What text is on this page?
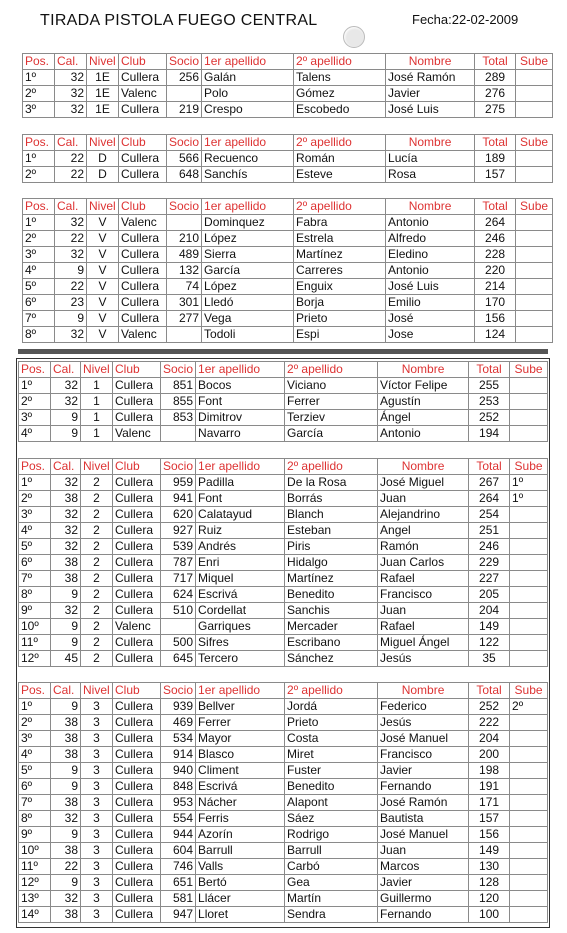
TIRADA PISTOLA FUEGO CENTRAL	Fecha:22-02-2009
Pos.	Cal.	Nivel	Club	Socio	1er apellido	2º apellido	Nombre	Total	Sube
1º	32	1E	Cullera	256	Galán	Talens	José Ramón	289	
2º	32	1E	Valenc		Polo	Gómez	Javier	276	
3º	32	1E	Cullera	219	Crespo	Escobedo	José Luis	275	
Pos.	Cal.	Nivel	Club	Socio	1er apellido	2º apellido	Nombre	Total	Sube
1º	22	D	Cullera	566	Recuenco	Román	Lucía	189	
2º	22	D	Cullera	648	Sanchís	Esteve	Rosa	157	
Pos.	Cal.	Nivel	Club	Socio	1er apellido	2º apellido	Nombre	Total	Sube
1º	32	V	Valenc		Dominquez	Fabra	Antonio	264	
2º	22	V	Cullera	210	López	Estrela	Alfredo	246	
3º	32	V	Cullera	489	Sierra	Martínez	Eledino	228	
4º	9	V	Cullera	132	García	Carreres	Antonio	220	
5º	22	V	Cullera	74	López	Enguix	José Luis	214	
6º	23	V	Cullera	301	Lledó	Borja	Emilio	170	
7º	9	V	Cullera	277	Vega	Prieto	José	156	
8º	32	V	Valenc		Todoli	Espi	Jose	124	
Pos.	Cal.	Nivel	Club	Socio	1er apellido	2º apellido	Nombre	Total	Sube
1º	32	1	Cullera	851	Bocos	Viciano	Víctor Felipe	255	
2º	32	1	Cullera	855	Font	Ferrer	Agustín	253	
3º	9	1	Cullera	853	Dimitrov	Terziev	Ángel	252	
4º	9	1	Valenc		Navarro	García	Antonio	194	
Pos.	Cal.	Nivel	Club	Socio	1er apellido	2º apellido	Nombre	Total	Sube
1º	32	2	Cullera	959	Padilla	De la Rosa	José Miguel	267	1º
2º	38	2	Cullera	941	Font	Borrás	Juan	264	1º
3º	32	2	Cullera	620	Calatayud	Blanch	Alejandrino	254	
4º	32	2	Cullera	927	Ruiz	Esteban	Angel	251	
5º	32	2	Cullera	539	Andrés	Piris	Ramón	246	
6º	38	2	Cullera	787	Enri	Hidalgo	Juan Carlos	229	
7º	38	2	Cullera	717	Miquel	Martínez	Rafael	227	
8º	9	2	Cullera	624	Escrivá	Benedito	Francisco	205	
9º	32	2	Cullera	510	Cordellat	Sanchis	Juan	204	
10º	9	2	Valenc		Garriques	Mercader	Rafael	149	
11º	9	2	Cullera	500	Sifres	Escribano	Miguel Ángel	122	
12º	45	2	Cullera	645	Tercero	Sánchez	Jesús	35	
Pos.	Cal.	Nivel	Club	Socio	1er apellido	2º apellido	Nombre	Total	Sube
1º	9	3	Cullera	939	Bellver	Jordá	Federico	252	2º
2º	38	3	Cullera	469	Ferrer	Prieto	Jesús	222	
3º	38	3	Cullera	534	Mayor	Costa	José Manuel	204	
4º	38	3	Cullera	914	Blasco	Miret	Francisco	200	
5º	9	3	Cullera	940	Climent	Fuster	Javier	198	
6º	9	3	Cullera	848	Escrivá	Benedito	Fernando	191	
7º	38	3	Cullera	953	Nácher	Alapont	José Ramón	171	
8º	32	3	Cullera	554	Ferris	Sáez	Bautista	157	
9º	9	3	Cullera	944	Azorín	Rodrigo	José Manuel	156	
10º	38	3	Cullera	604	Barrull	Barrull	Juan	149	
11º	22	3	Cullera	746	Valls	Carbó	Marcos	130	
12º	9	3	Cullera	651	Bertó	Gea	Javier	128	
13º	32	3	Cullera	581	Llácer	Martín	Guillermo	120	
14º	38	3	Cullera	947	Lloret	Sendra	Fernando	100	
